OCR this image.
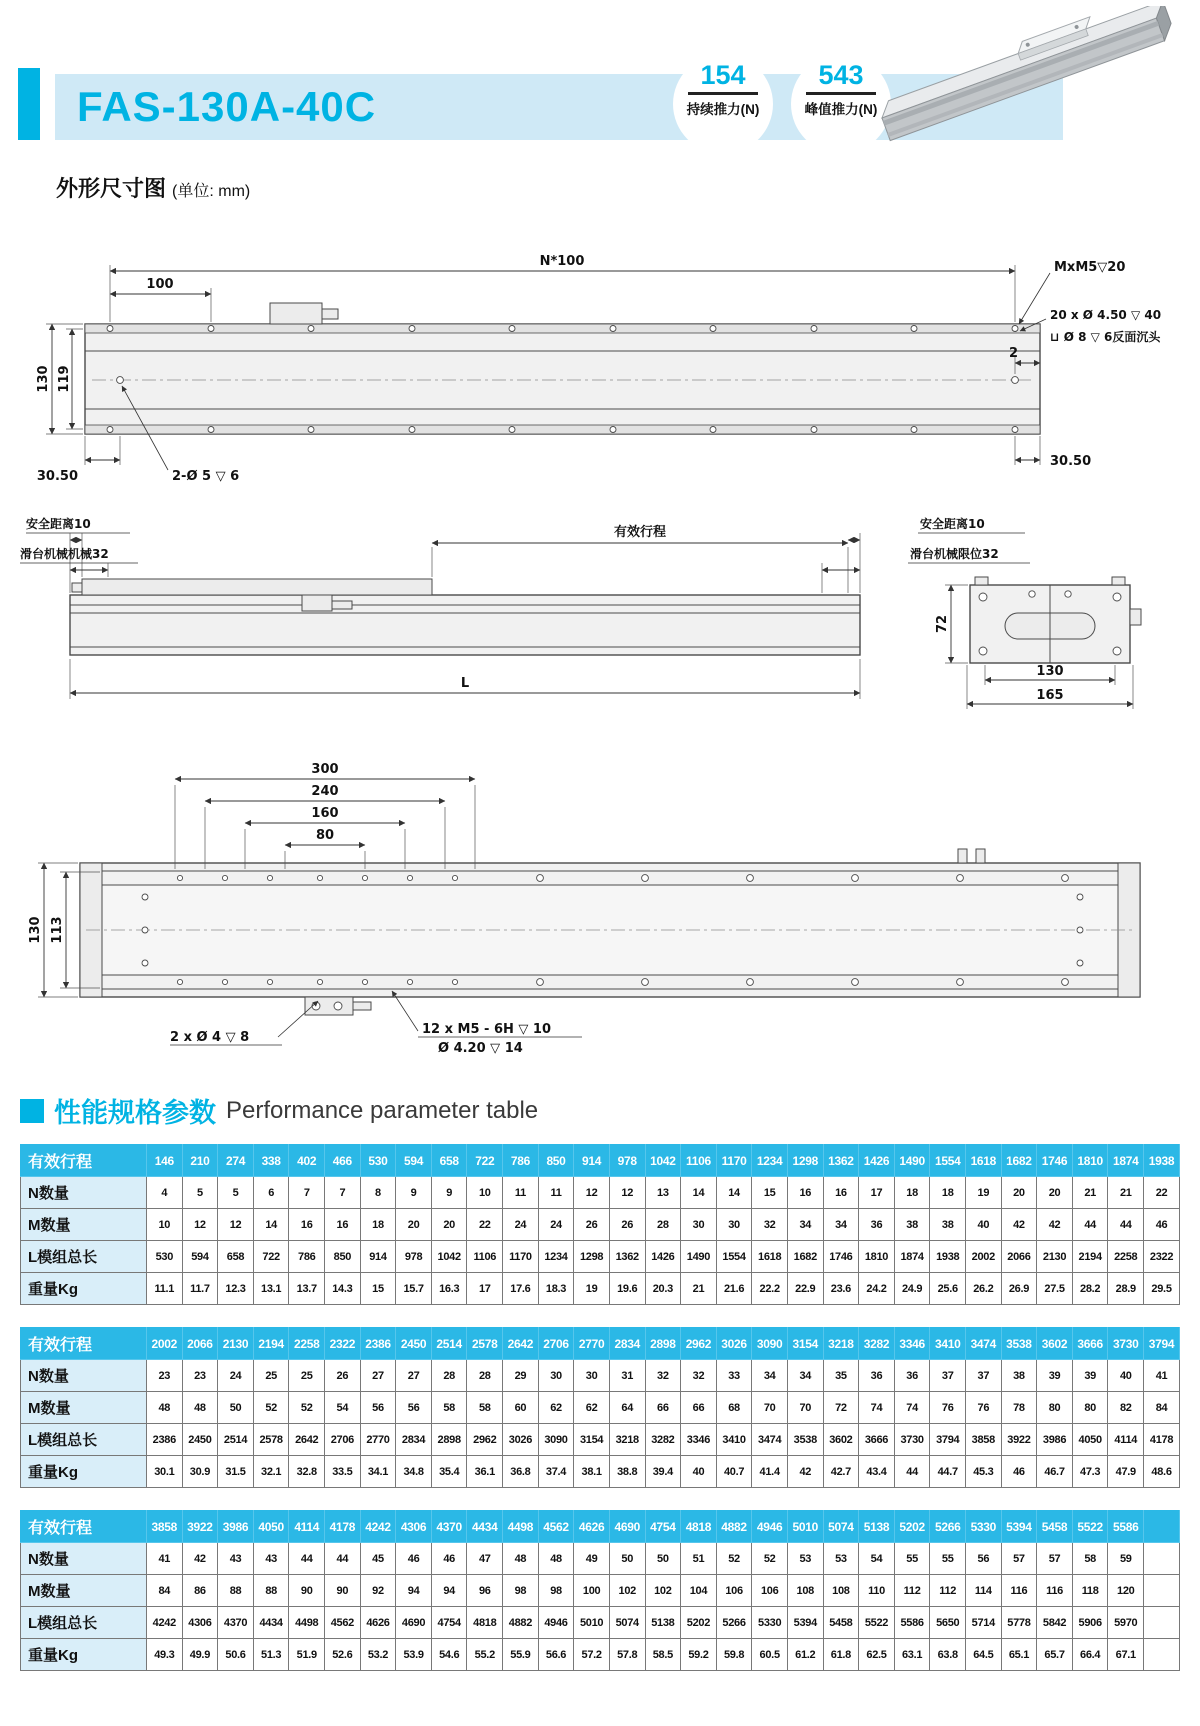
FAS-130A-40C
154
持续推力(N)
543
峰值推力(N)
外形尺寸图 (单位: mm)
N*100
100
130 119
30.50	2-Ø 5 ▽ 6
2
30.50
MxM5▽20
20 x Ø 4.50 ▽ 40
⊔ Ø 8 ▽ 6反面沉头
安全距离10
滑台机械机械32
有效行程
安全距离10
滑台机械限位32
L
72
130
165
300
240
160
80
130 113
2 x Ø 4 ▽ 8
12 x M5 - 6H ▽ 10
Ø 4.20 ▽ 14
性能规格参数 Performance parameter table
有效行程	146	210	274	338	402	466	530	594	658	722	786	850	914	978	1042	1106	1170	1234	1298	1362	1426	1490	1554	1618	1682	1746	1810	1874	1938
N数量	4	5	5	6	7	7	8	9	9	10	11	11	12	12	13	14	14	15	16	16	17	18	18	19	20	20	21	21	22
M数量	10	12	12	14	16	16	18	20	20	22	24	24	26	26	28	30	30	32	34	34	36	38	38	40	42	42	44	44	46
L模组总长	530	594	658	722	786	850	914	978	1042	1106	1170	1234	1298	1362	1426	1490	1554	1618	1682	1746	1810	1874	1938	2002	2066	2130	2194	2258	2322
重量Kg	11.1	11.7	12.3	13.1	13.7	14.3	15	15.7	16.3	17	17.6	18.3	19	19.6	20.3	21	21.6	22.2	22.9	23.6	24.2	24.9	25.6	26.2	26.9	27.5	28.2	28.9	29.5
有效行程	2002	2066	2130	2194	2258	2322	2386	2450	2514	2578	2642	2706	2770	2834	2898	2962	3026	3090	3154	3218	3282	3346	3410	3474	3538	3602	3666	3730	3794
N数量	23	23	24	25	25	26	27	27	28	28	29	30	30	31	32	32	33	34	34	35	36	36	37	37	38	39	39	40	41
M数量	48	48	50	52	52	54	56	56	58	58	60	62	62	64	66	66	68	70	70	72	74	74	76	76	78	80	80	82	84
L模组总长	2386	2450	2514	2578	2642	2706	2770	2834	2898	2962	3026	3090	3154	3218	3282	3346	3410	3474	3538	3602	3666	3730	3794	3858	3922	3986	4050	4114	4178
重量Kg	30.1	30.9	31.5	32.1	32.8	33.5	34.1	34.8	35.4	36.1	36.8	37.4	38.1	38.8	39.4	40	40.7	41.4	42	42.7	43.4	44	44.7	45.3	46	46.7	47.3	47.9	48.6
有效行程	3858	3922	3986	4050	4114	4178	4242	4306	4370	4434	4498	4562	4626	4690	4754	4818	4882	4946	5010	5074	5138	5202	5266	5330	5394	5458	5522	5586	
N数量	41	42	43	43	44	44	45	46	46	47	48	48	49	50	50	51	52	52	53	53	54	55	55	56	57	57	58	59	
M数量	84	86	88	88	90	90	92	94	94	96	98	98	100	102	102	104	106	106	108	108	110	112	112	114	116	116	118	120	
L模组总长	4242	4306	4370	4434	4498	4562	4626	4690	4754	4818	4882	4946	5010	5074	5138	5202	5266	5330	5394	5458	5522	5586	5650	5714	5778	5842	5906	5970	
重量Kg	49.3	49.9	50.6	51.3	51.9	52.6	53.2	53.9	54.6	55.2	55.9	56.6	57.2	57.8	58.5	59.2	59.8	60.5	61.2	61.8	62.5	63.1	63.8	64.5	65.1	65.7	66.4	67.1	
